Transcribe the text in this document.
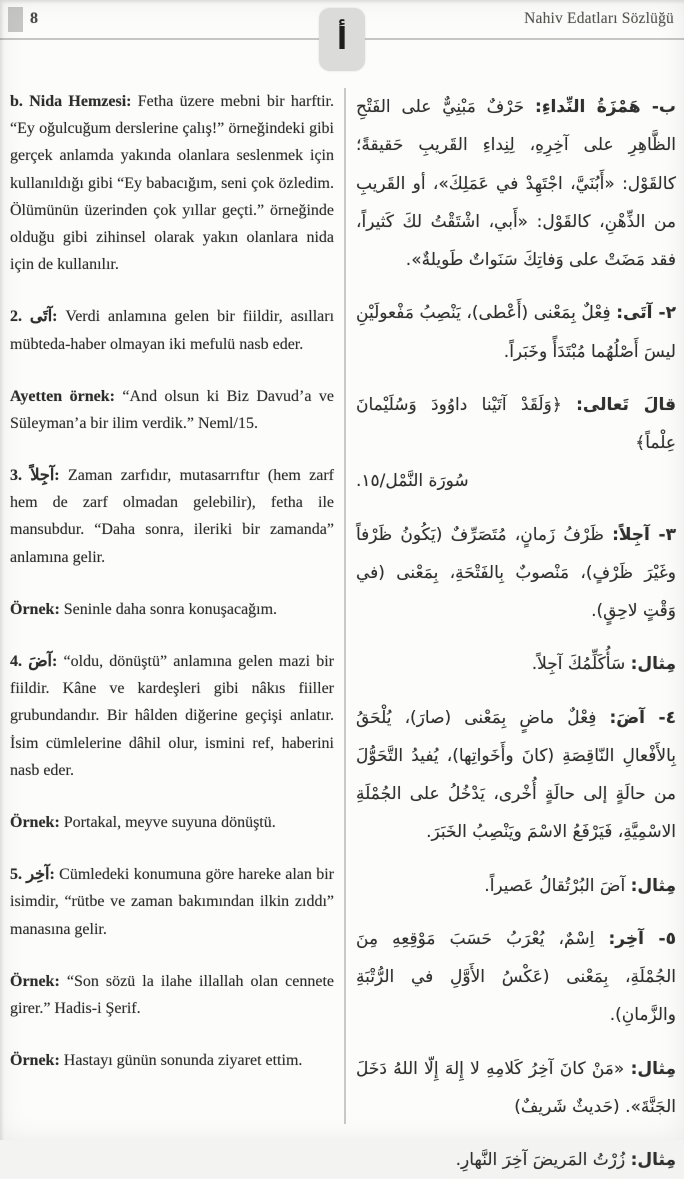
8	Nahiv Edatları Sözlüğü
أ

b. Nida Hemzesi: Fetha üzere mebni bir harftir. “Ey oğulcuğum derslerine çalış!” örneğindeki gibi gerçek anlamda yakında olanlara seslenmek için kullanıldığı gibi “Ey babacığım, seni çok özledim. Ölümünün üzerinden çok yıllar geçti.” örneğinde olduğu gibi zihinsel olarak yakın olanlara nida için de kullanılır.

2. آتَى: Verdi anlamına gelen bir fiildir, asılları mübteda-haber olmayan iki mefulü nasb eder.

Ayetten örnek: “And olsun ki Biz Davud’a ve Süleyman’a bir ilim verdik.” Neml/15.

3. آجِلاً: Zaman zarfıdır, mutasarrıftır (hem zarf hem de zarf olmadan gelebilir), fetha ile mansubdur. “Daha sonra, ileriki bir zamanda” anlamına gelir.

Örnek: Seninle daha sonra konuşacağım.

4. آضَ: “oldu, dönüştü” anlamına gelen mazi bir fiildir. Kâne ve kardeşleri gibi nâkıs fiiller grubundandır. Bir hâlden diğerine geçişi anlatır. İsim cümlelerine dâhil olur, ismini ref, haberini nasb eder.

Örnek: Portakal, meyve suyuna dönüştü.

5. آخِر: Cümledeki konumuna göre hareke alan bir isimdir, “rütbe ve zaman bakımından ilkin zıddı” manasına gelir.

Örnek: “Son sözü la ilahe illallah olan cennete girer.” Hadis-i Şerif.

Örnek: Hastayı günün sonunda ziyaret ettim.

ب- هَمْزَةُ النِّداءِ: حَرْفٌ مَبْنِيٌّ على الفَتْحِ الظَّاهِرِ على آخِرِهِ، لِنِداءِ القَريبِ حَقيقةً؛ كالقَوْل: «أَبُنَيَّ، اجْتَهِدْ في عَمَلِكَ»، أو القَريبِ من الذِّهْنِ، كالقَوْل: «أَبي، اشْتَقْتُ لكَ كَثيراً، فقد مَضَتْ على وَفاتِكَ سَنَواتٌ طَويلةٌ».

٢- آتَى: فِعْلٌ بِمَعْنى (أَعْطى)، يَنْصِبُ مَفْعولَيْنِ ليسَ أَصْلُهُما مُبْتَدَأً وخَبَراً.

قالَ تَعالى: ﴿وَلَقَدْ آتَيْنا داوُودَ وَسُلَيْمانَ عِلْماً﴾
سُورَة النَّمْل/١٥.

٣- آجِلاً: ظَرْفُ زَمانٍ، مُتَصَرِّفٌ (يَكُونُ ظَرْفاً وغَيْرَ ظَرْفٍ)، مَنْصوبٌ بِالفَتْحَةِ، بِمَعْنى (في وَقْتٍ لاحِقٍ).

مِثال: سَأُكَلِّمُكَ آجِلاً.

٤- آضَ: فِعْلٌ ماضٍ بِمَعْنى (صارَ)، يُلْحَقُ بِالأَفْعالِ النّاقِصَةِ (كانَ وأَخَواتِها)، يُفيدُ التَّحَوُّلَ من حالَةٍ إلى حالَةٍ أُخْرى، يَدْخُلُ على الجُمْلَةِ الاسْمِيَّةِ، فَيَرْفَعُ الاسْمَ ويَنْصِبُ الخَبَرَ.

مِثال: آضَ البُرْتُقالُ عَصيراً.

٥- آخِر: اِسْمٌ، يُعْرَبُ حَسَبَ مَوْقِعِهِ مِنَ الجُمْلَةِ، بِمَعْنى (عَكْسُ الأَوَّلِ في الرُّتْبَةِ والزَّمانِ).

مِثال: «مَنْ كانَ آخِرُ كَلامِهِ لا إِلهَ إِلّا اللهُ دَخَلَ الجَنَّةَ». (حَديثٌ شَريفٌ)

مِثال: زُرْتُ المَريضَ آخِرَ النَّهارِ.
